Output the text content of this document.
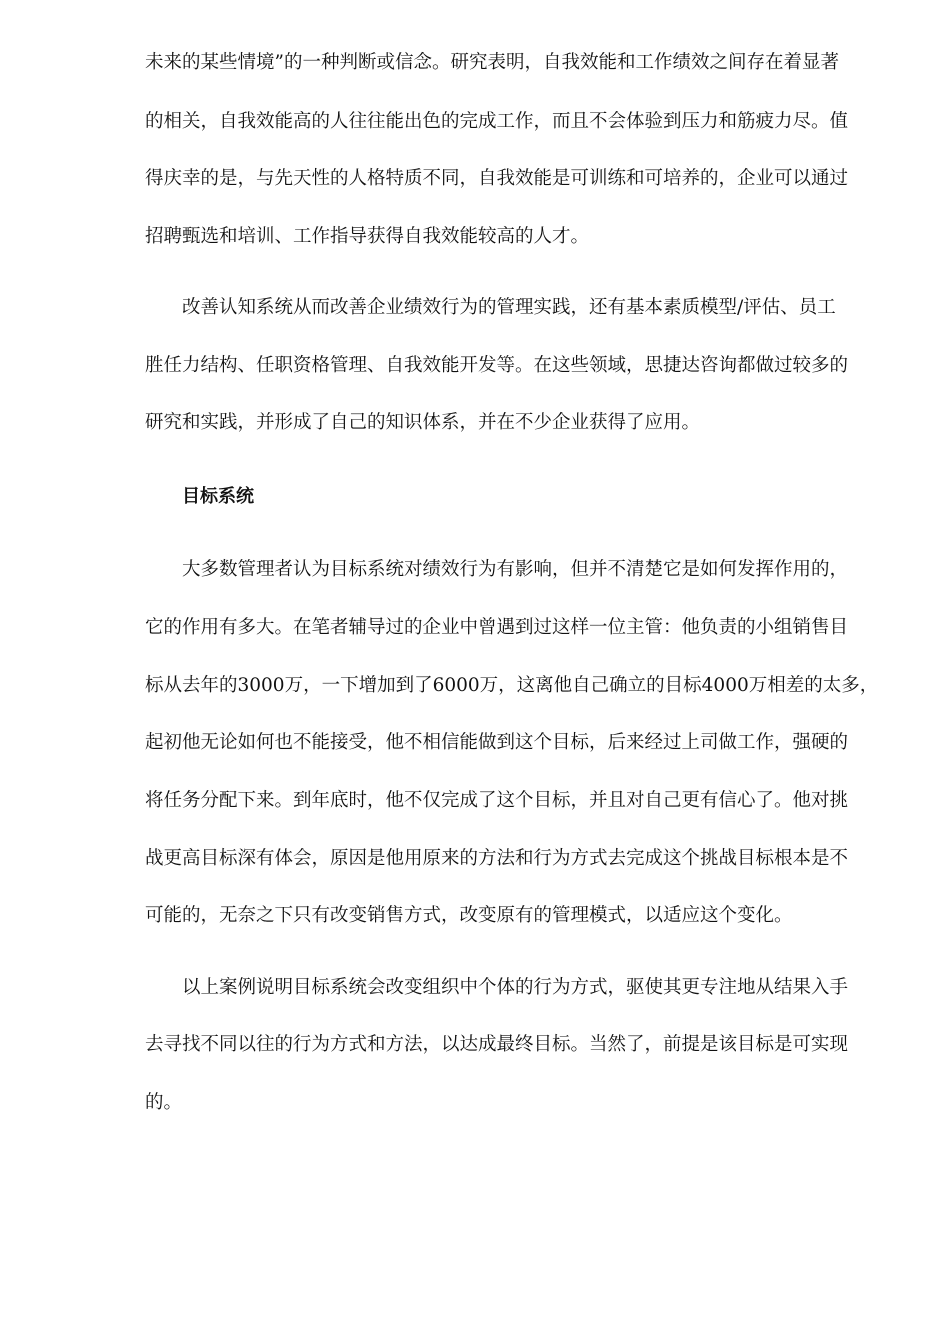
未来的某些情境”的一种判断或信念。研究表明，自我效能和工作绩效之间存在着显著
的相关，自我效能高的人往往能出色的完成工作，而且不会体验到压力和筋疲力尽。值
得庆幸的是，与先天性的人格特质不同，自我效能是可训练和可培养的，企业可以通过
招聘甄选和培训、工作指导获得自我效能较高的人才。
改善认知系统从而改善企业绩效行为的管理实践，还有基本素质模型/评估、员工
胜任力结构、任职资格管理、自我效能开发等。在这些领域，思捷达咨询都做过较多的
研究和实践，并形成了自己的知识体系，并在不少企业获得了应用。
目标系统
大多数管理者认为目标系统对绩效行为有影响，但并不清楚它是如何发挥作用的，
它的作用有多大。在笔者辅导过的企业中曾遇到过这样一位主管：他负责的小组销售目
标从去年的3000万，一下增加到了6000万，这离他自己确立的目标4000万相差的太多，
起初他无论如何也不能接受，他不相信能做到这个目标，后来经过上司做工作，强硬的
将任务分配下来。到年底时，他不仅完成了这个目标，并且对自己更有信心了。他对挑
战更高目标深有体会，原因是他用原来的方法和行为方式去完成这个挑战目标根本是不
可能的，无奈之下只有改变销售方式，改变原有的管理模式，以适应这个变化。
以上案例说明目标系统会改变组织中个体的行为方式，驱使其更专注地从结果入手
去寻找不同以往的行为方式和方法，以达成最终目标。当然了，前提是该目标是可实现
的。
